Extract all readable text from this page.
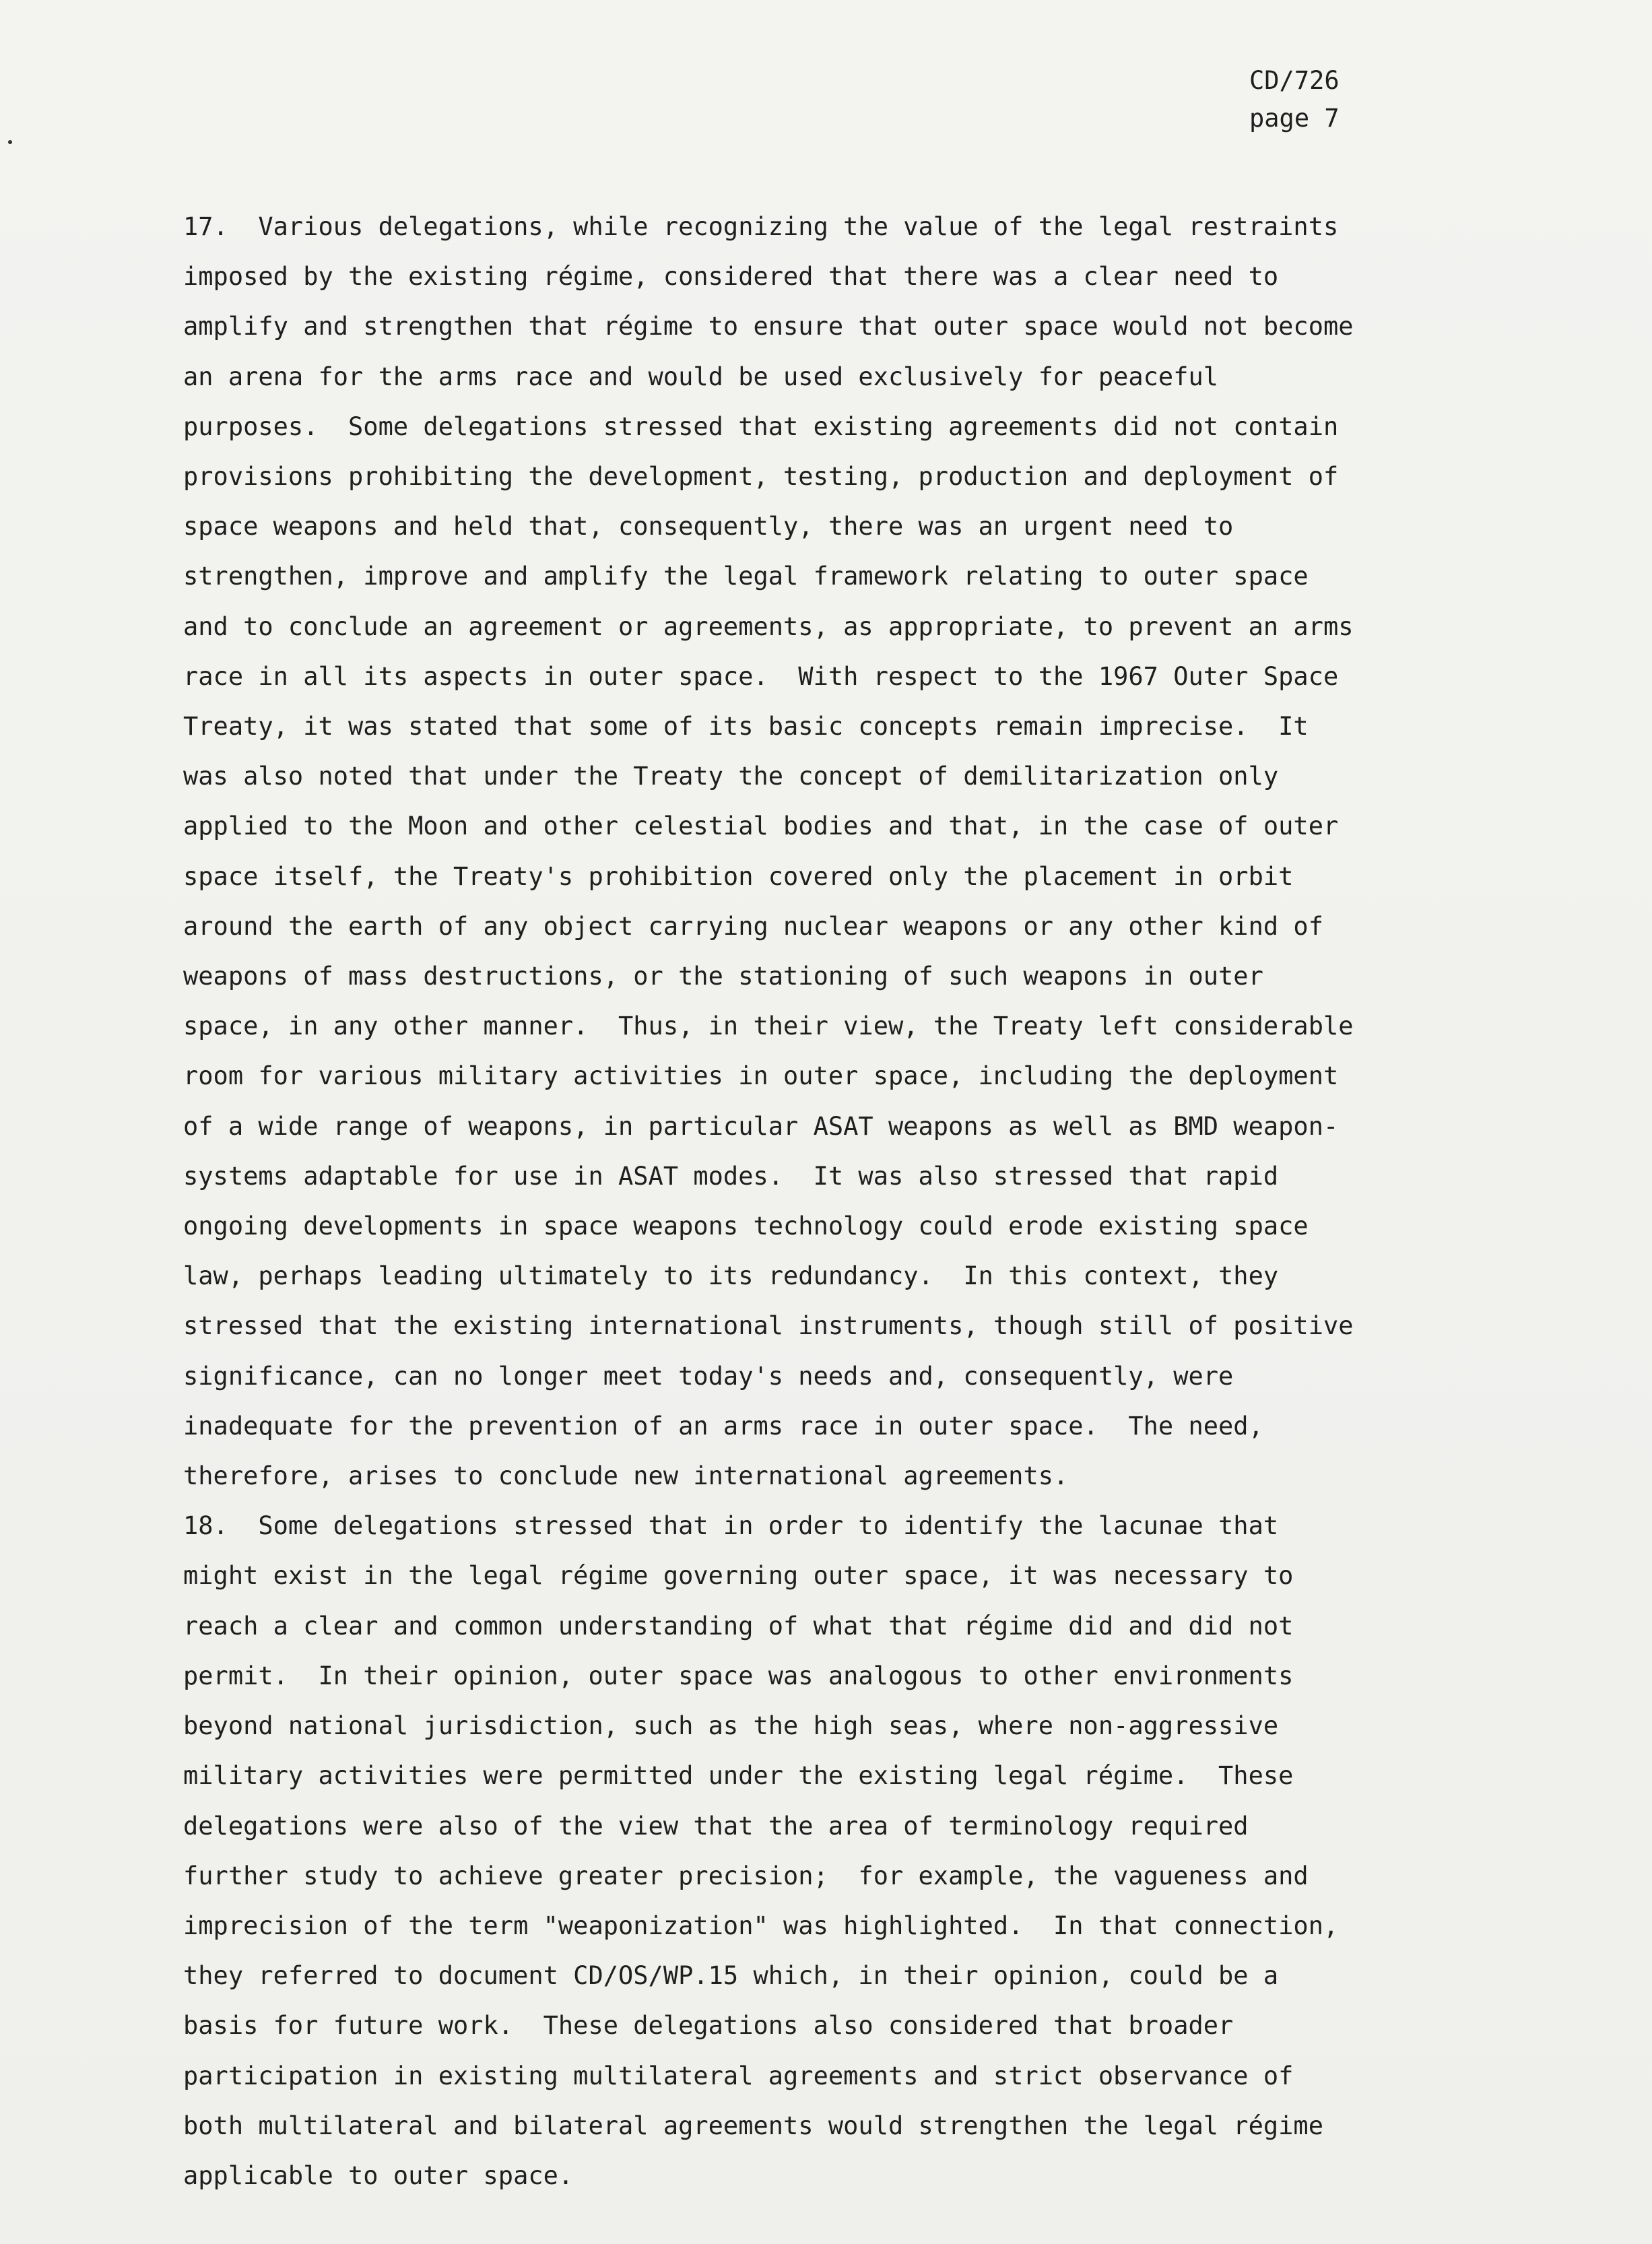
CD/726
page 7
17.  Various delegations, while recognizing the value of the legal restraints
imposed by the existing régime, considered that there was a clear need to
amplify and strengthen that régime to ensure that outer space would not become
an arena for the arms race and would be used exclusively for peaceful
purposes.  Some delegations stressed that existing agreements did not contain
provisions prohibiting the development, testing, production and deployment of
space weapons and held that, consequently, there was an urgent need to
strengthen, improve and amplify the legal framework relating to outer space
and to conclude an agreement or agreements, as appropriate, to prevent an arms
race in all its aspects in outer space.  With respect to the 1967 Outer Space
Treaty, it was stated that some of its basic concepts remain imprecise.  It
was also noted that under the Treaty the concept of demilitarization only
applied to the Moon and other celestial bodies and that, in the case of outer
space itself, the Treaty's prohibition covered only the placement in orbit
around the earth of any object carrying nuclear weapons or any other kind of
weapons of mass destructions, or the stationing of such weapons in outer
space, in any other manner.  Thus, in their view, the Treaty left considerable
room for various military activities in outer space, including the deployment
of a wide range of weapons, in particular ASAT weapons as well as BMD weapon-
systems adaptable for use in ASAT modes.  It was also stressed that rapid
ongoing developments in space weapons technology could erode existing space
law, perhaps leading ultimately to its redundancy.  In this context, they
stressed that the existing international instruments, though still of positive
significance, can no longer meet today's needs and, consequently, were
inadequate for the prevention of an arms race in outer space.  The need,
therefore, arises to conclude new international agreements.
18.  Some delegations stressed that in order to identify the lacunae that
might exist in the legal régime governing outer space, it was necessary to
reach a clear and common understanding of what that régime did and did not
permit.  In their opinion, outer space was analogous to other environments
beyond national jurisdiction, such as the high seas, where non-aggressive
military activities were permitted under the existing legal régime.  These
delegations were also of the view that the area of terminology required
further study to achieve greater precision;  for example, the vagueness and
imprecision of the term "weaponization" was highlighted.  In that connection,
they referred to document CD/OS/WP.15 which, in their opinion, could be a
basis for future work.  These delegations also considered that broader
participation in existing multilateral agreements and strict observance of
both multilateral and bilateral agreements would strengthen the legal régime
applicable to outer space.
